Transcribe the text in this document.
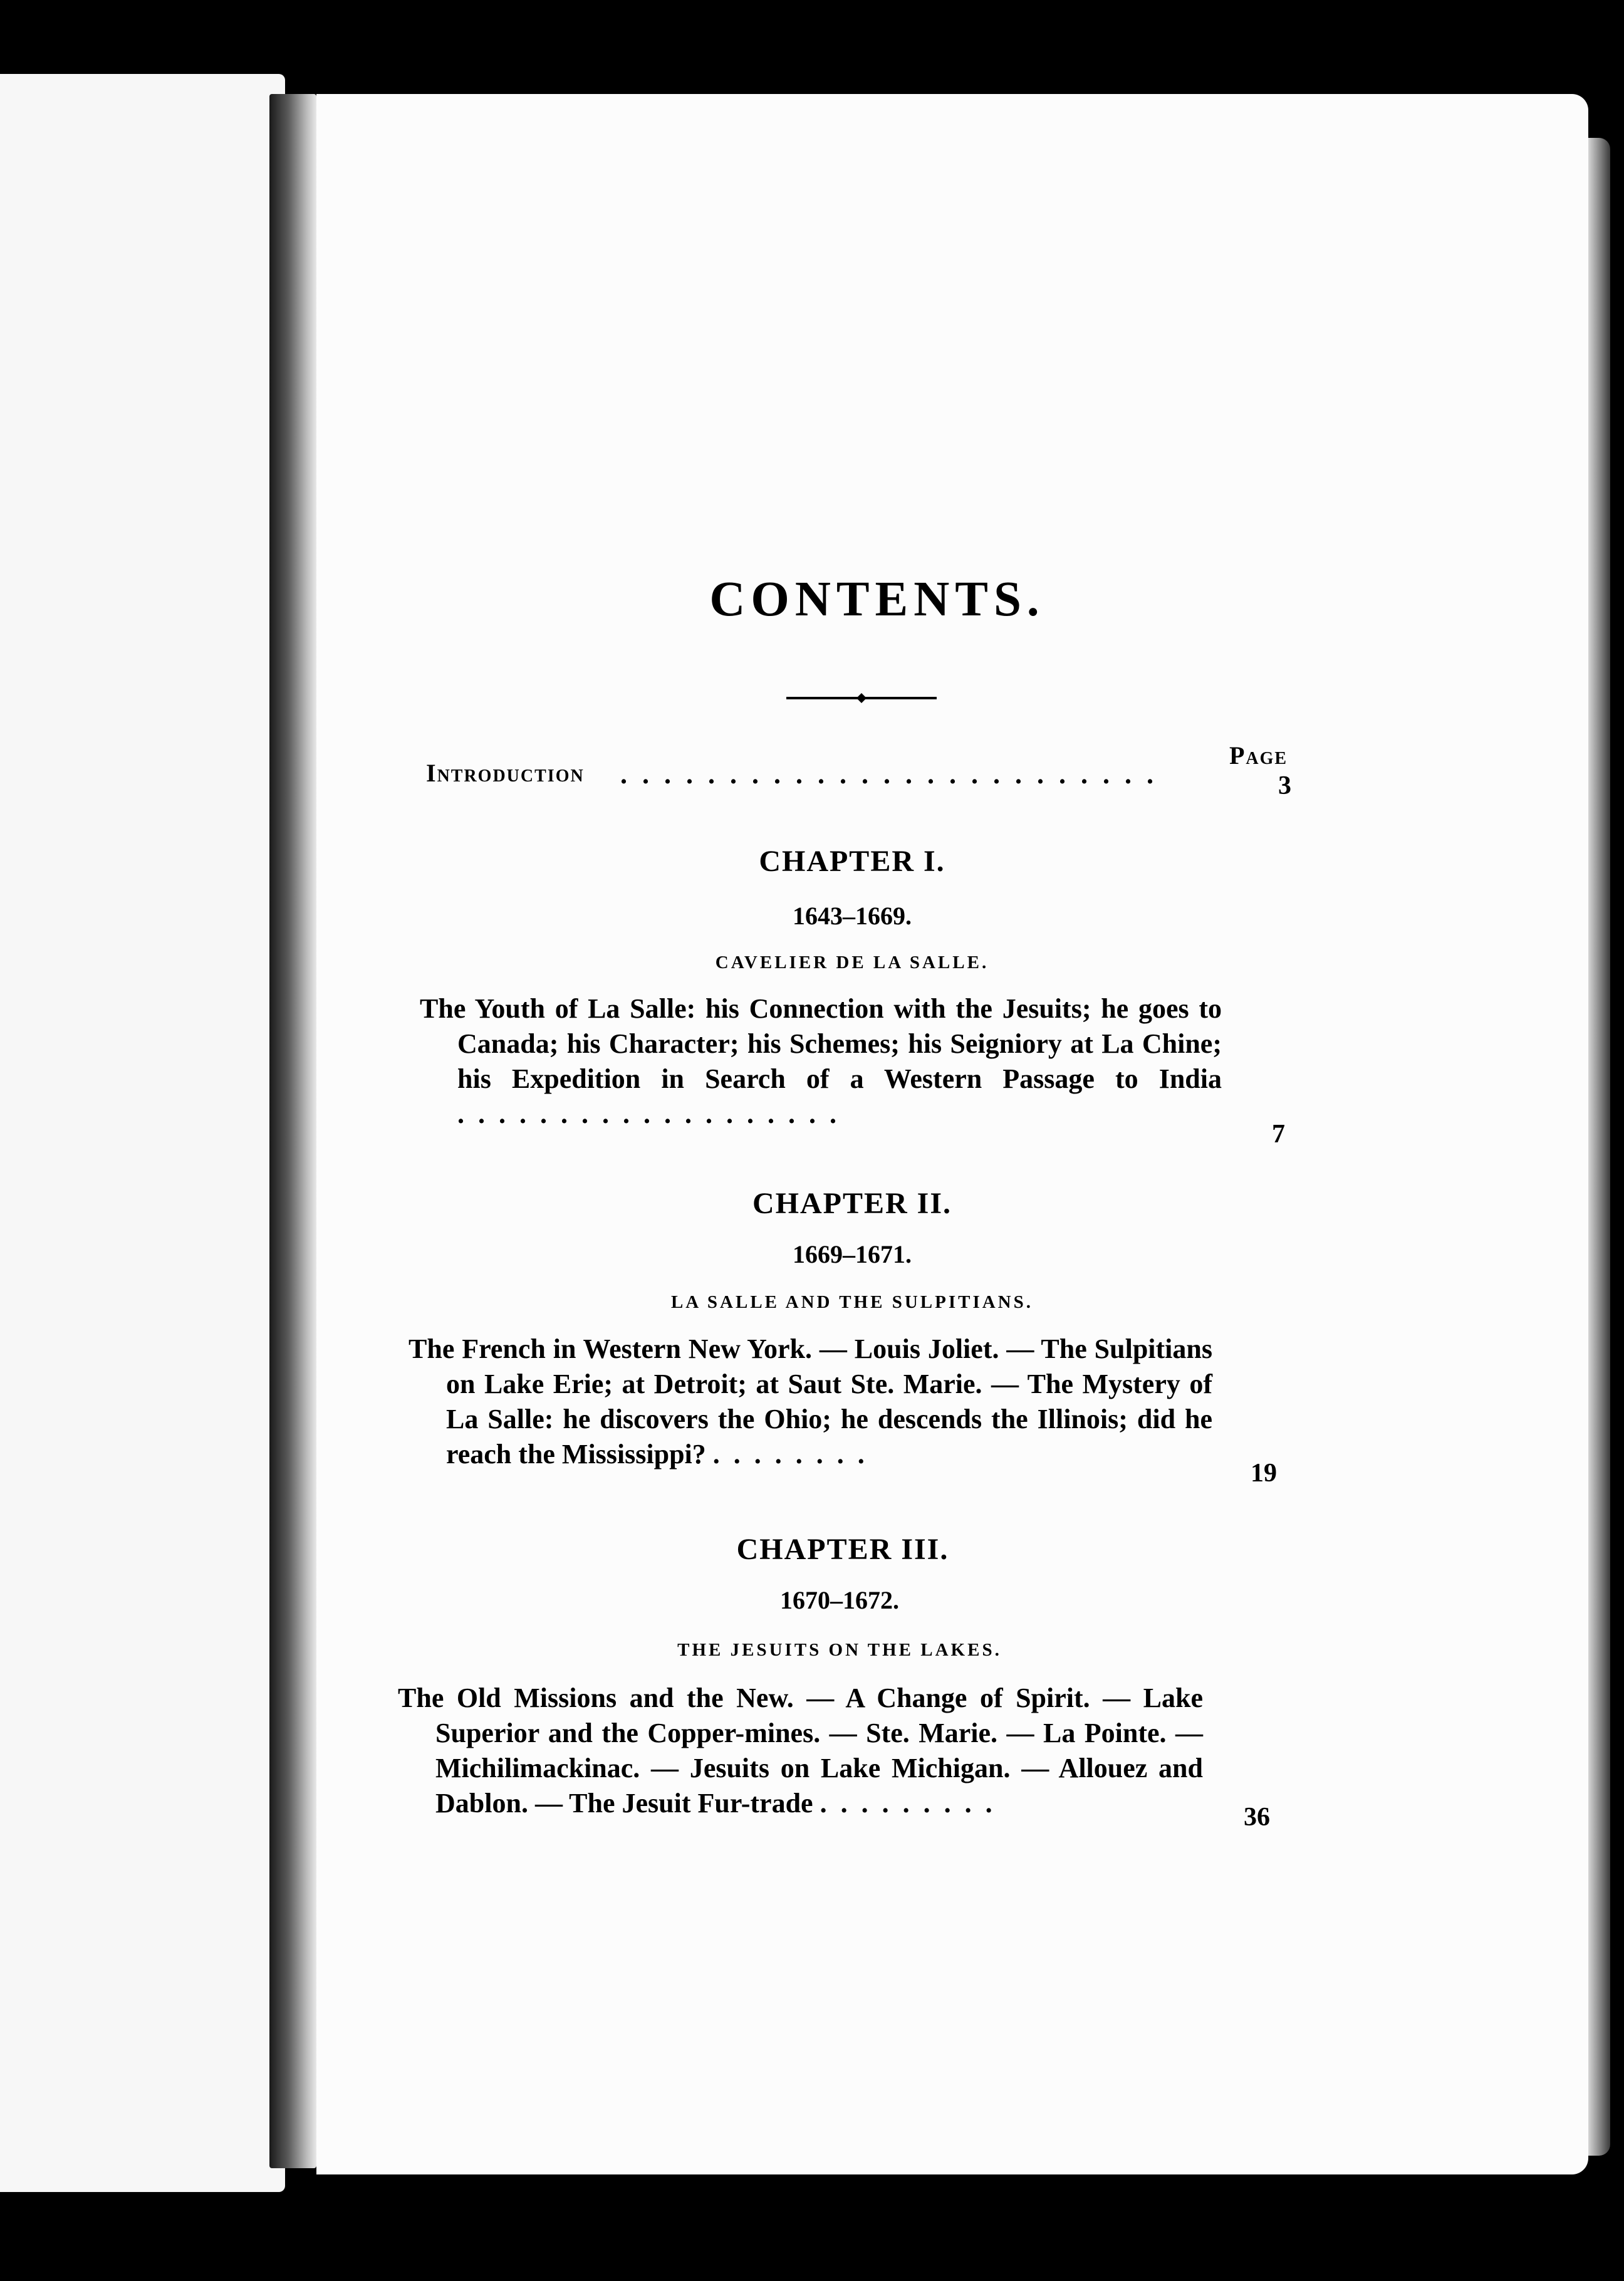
CONTENTS.
Page
Introduction .........................	3
CHAPTER I.
1643–1669.
CAVELIER DE LA SALLE.
The Youth of La Salle: his Connection with the Jesuits; he goes to Canada; his Character; his Schemes; his Seigniory at La Chine; his Expedition in Search of a Western Passage to India ...................
7
CHAPTER II.
1669–1671.
LA SALLE AND THE SULPITIANS.
The French in Western New York. — Louis Joliet. — The Sulpitians on Lake Erie; at Detroit; at Saut Ste. Marie. — The Mystery of La Salle: he discovers the Ohio; he descends the Illinois; did he reach the Mississippi? ........
19
CHAPTER III.
1670–1672.
THE JESUITS ON THE LAKES.
The Old Missions and the New. — A Change of Spirit. — Lake Superior and the Copper-mines. — Ste. Marie. — La Pointe. — Michilimackinac. — Jesuits on Lake Michigan. — Allouez and Dablon. — The Jesuit Fur-trade .........	36
